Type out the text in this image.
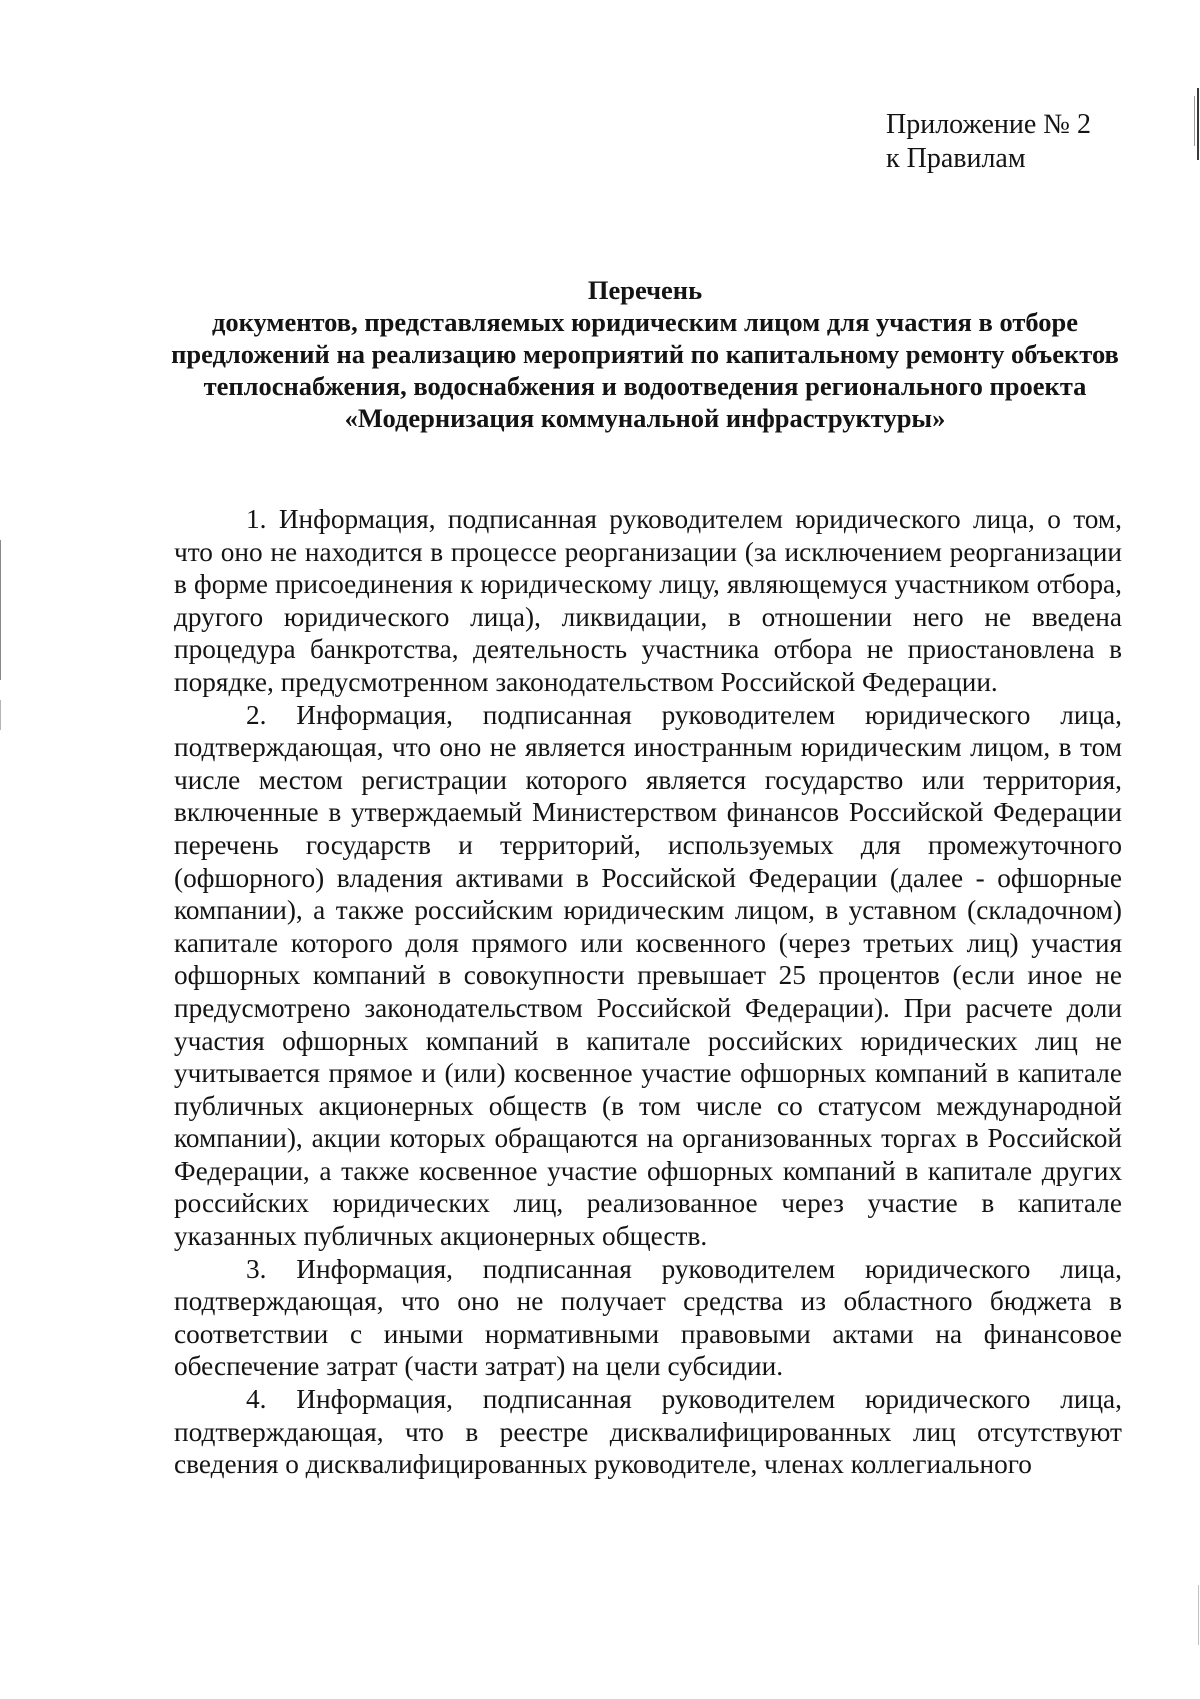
Приложение № 2
к Правилам
Перечень
документов, представляемых юридическим лицом для участия в отборе предложений на реализацию мероприятий по капитальному ремонту объектов теплоснабжения, водоснабжения и водоотведения регионального проекта «Модернизация коммунальной инфраструктуры»

1. Информация, подписанная руководителем юридического лица, о том, что оно не находится в процессе реорганизации (за исключением реорганизации в форме присоединения к юридическому лицу, являющемуся участником отбора, другого юридического лица), ликвидации, в отношении него не введена процедура банкротства, деятельность участника отбора не приостановлена в порядке, предусмотренном законодательством Российской Федерации.

2. Информация, подписанная руководителем юридического лица, подтверждающая, что оно не является иностранным юридическим лицом, в том числе местом регистрации которого является государство или территория, включенные в утверждаемый Министерством финансов Российской Федерации перечень государств и территорий, используемых для промежуточного (офшорного) владения активами в Российской Федерации (далее - офшорные компании), а также российским юридическим лицом, в уставном (складочном) капитале которого доля прямого или косвенного (через третьих лиц) участия офшорных компаний в совокупности превышает 25 процентов (если иное не предусмотрено законодательством Российской Федерации). При расчете доли участия офшорных компаний в капитале российских юридических лиц не учитывается прямое и (или) косвенное участие офшорных компаний в капитале публичных акционерных обществ (в том числе со статусом международной компании), акции которых обращаются на организованных торгах в Российской Федерации, а также косвенное участие офшорных компаний в капитале других российских юридических лиц, реализованное через участие в капитале указанных публичных акционерных обществ.

3. Информация, подписанная руководителем юридического лица, подтверждающая, что оно не получает средства из областного бюджета в соответствии с иными нормативными правовыми актами на финансовое обеспечение затрат (части затрат) на цели субсидии.

4. Информация, подписанная руководителем юридического лица, подтверждающая, что в реестре дисквалифицированных лиц отсутствуют сведения о дисквалифицированных руководителе, членах коллегиального
